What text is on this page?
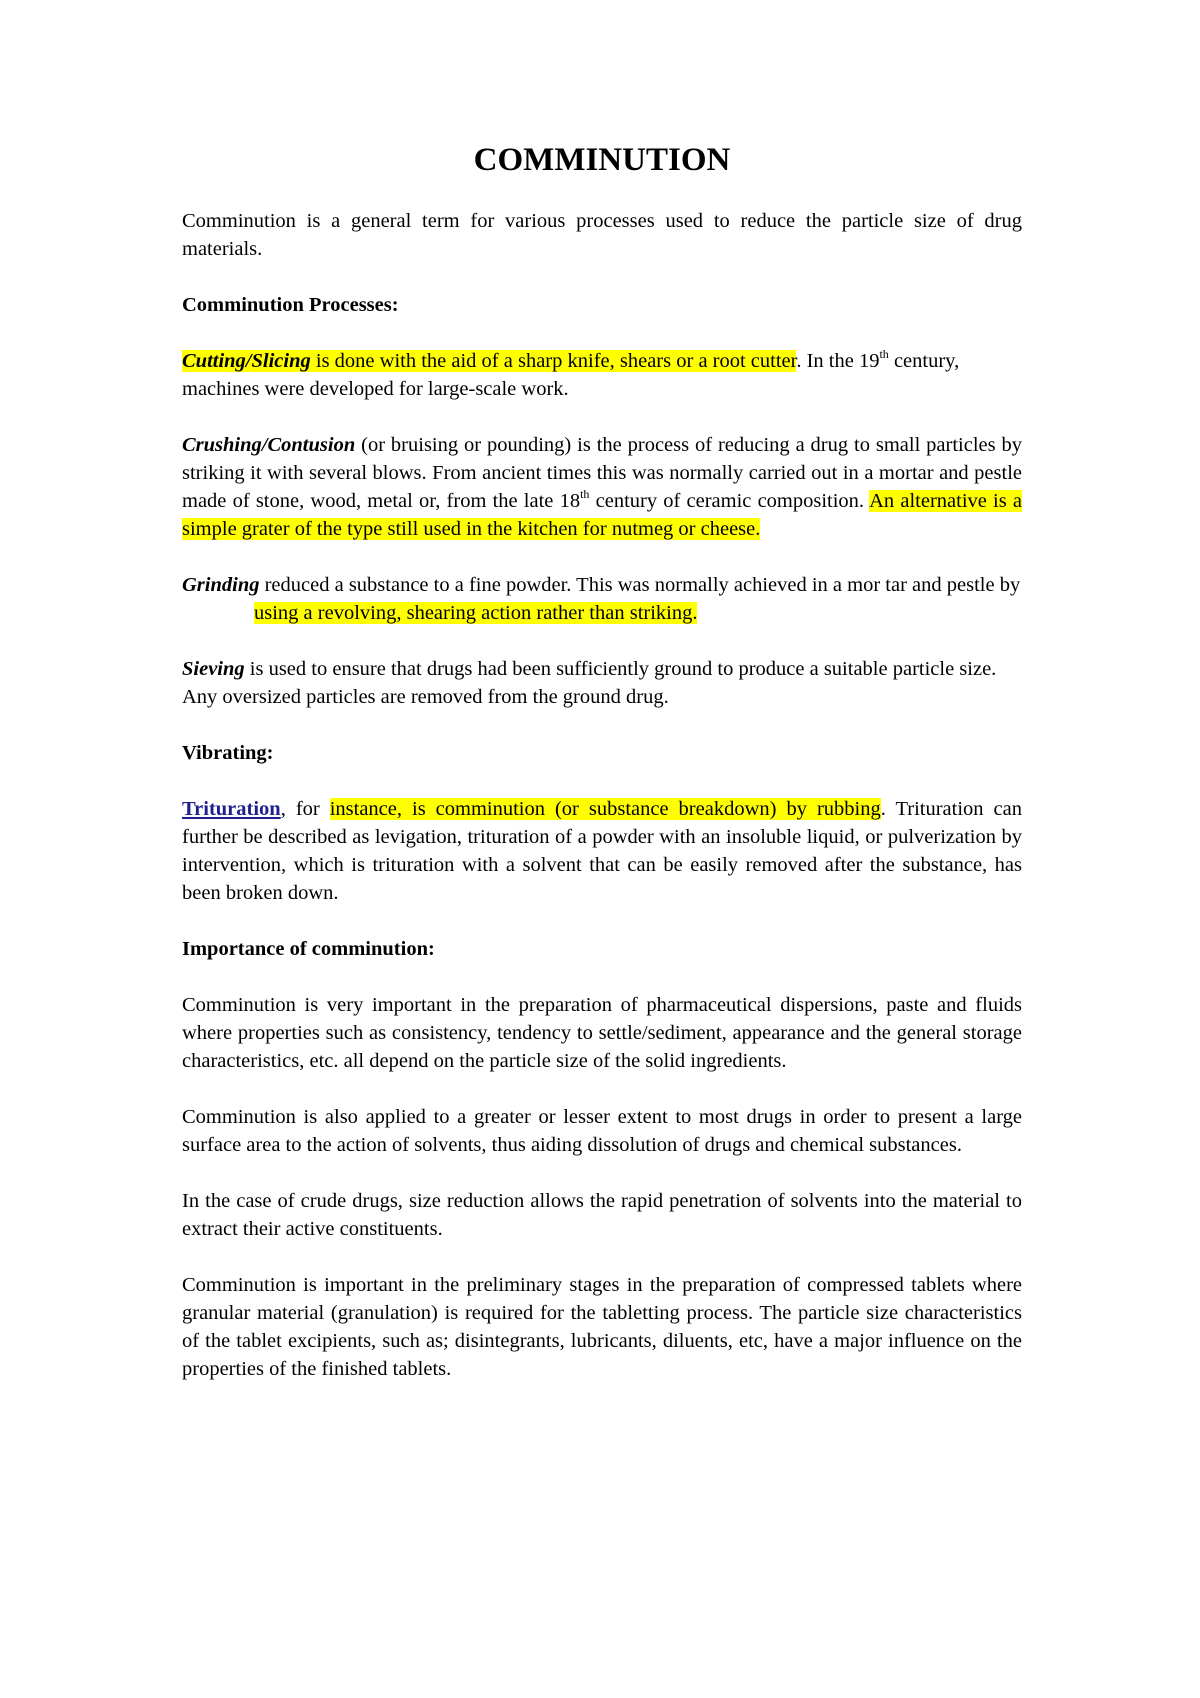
COMMINUTION

Comminution is a general term for various processes used to reduce the particle size of drug materials.

Comminution Processes:

Cutting/Slicing is done with the aid of a sharp knife, shears or a root cutter. In the 19th century, machines were developed for large-scale work.

Crushing/Contusion (or bruising or pounding) is the process of reducing a drug to small particles by striking it with several blows. From ancient times this was normally carried out in a mortar and pestle made of stone, wood, metal or, from the late 18th century of ceramic composition. An alternative is a simple grater of the type still used in the kitchen for nutmeg or cheese.

Grinding reduced a substance to a fine powder. This was normally achieved in a mor tar and pestle by using a revolving, shearing action rather than striking.

Sieving is used to ensure that drugs had been sufficiently ground to produce a suitable particle size. Any oversized particles are removed from the ground drug.

Vibrating:

Trituration, for instance, is comminution (or substance breakdown) by rubbing. Trituration can further be described as levigation, trituration of a powder with an insoluble liquid, or pulverization by intervention, which is trituration with a solvent that can be easily removed after the substance, has been broken down.

Importance of comminution:

Comminution is very important in the preparation of pharmaceutical dispersions, paste and fluids where properties such as consistency, tendency to settle/sediment, appearance and the general storage characteristics, etc. all depend on the particle size of the solid ingredients.

Comminution is also applied to a greater or lesser extent to most drugs in order to present a large surface area to the action of solvents, thus aiding dissolution of drugs and chemical substances.

In the case of crude drugs, size reduction allows the rapid penetration of solvents into the material to extract their active constituents.

Comminution is important in the preliminary stages in the preparation of compressed tablets where granular material (granulation) is required for the tabletting process. The particle size characteristics of the tablet excipients, such as; disintegrants, lubricants, diluents, etc, have a major influence on the properties of the finished tablets.
